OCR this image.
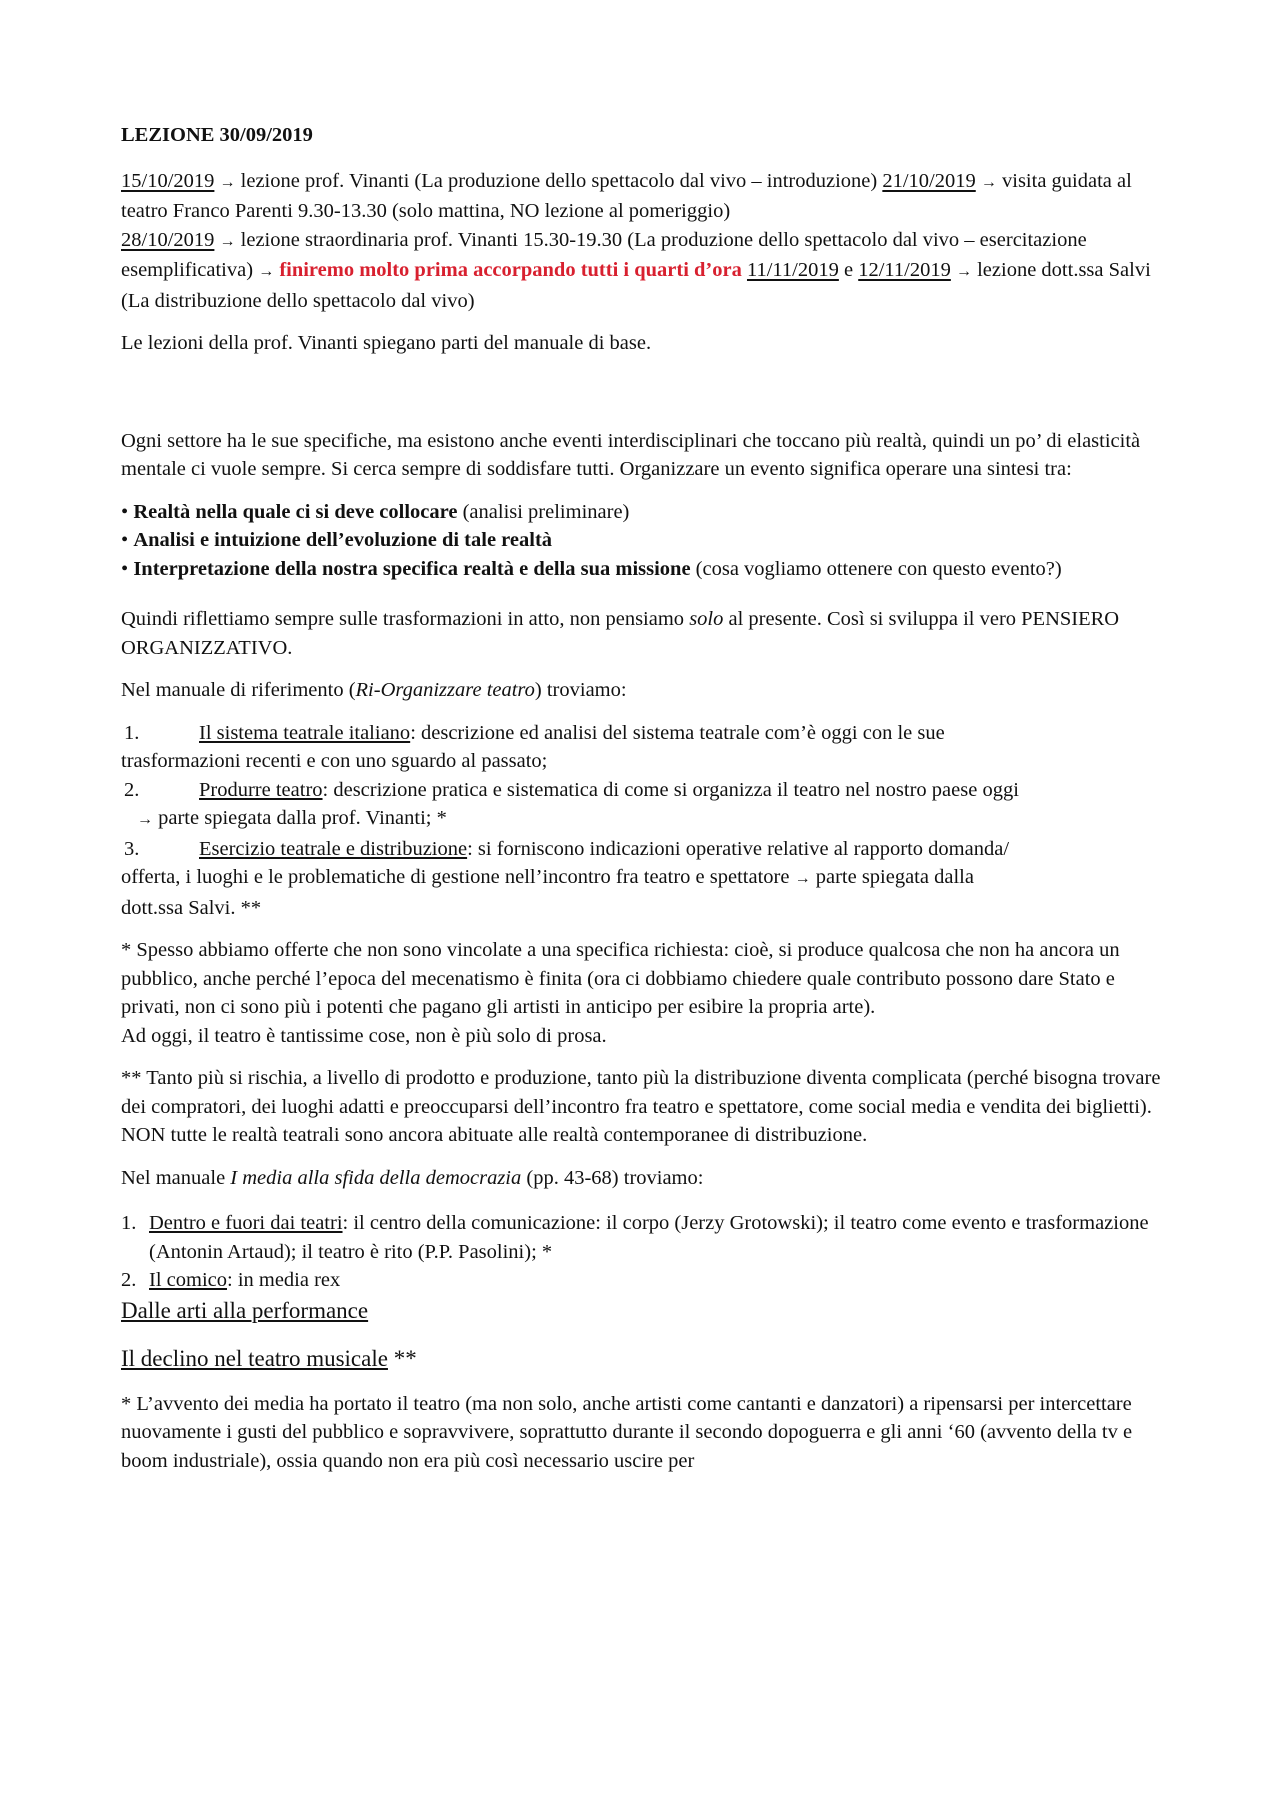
LEZIONE 30/09/2019

15/10/2019 → lezione prof. Vinanti (La produzione dello spettacolo dal vivo – introduzione) 21/10/2019 → visita guidata al teatro Franco Parenti 9.30-13.30 (solo mattina, NO lezione al pomeriggio)
28/10/2019 → lezione straordinaria prof. Vinanti 15.30-19.30 (La produzione dello spettacolo dal vivo – esercitazione esemplificativa) → finiremo molto prima accorpando tutti i quarti d’ora 11/11/2019 e 12/11/2019 → lezione dott.ssa Salvi (La distribuzione dello spettacolo dal vivo)

Le lezioni della prof. Vinanti spiegano parti del manuale di base.

Ogni settore ha le sue specifiche, ma esistono anche eventi interdisciplinari che toccano più realtà, quindi un po’ di elasticità mentale ci vuole sempre. Si cerca sempre di soddisfare tutti. Organizzare un evento significa operare una sintesi tra:

• Realtà nella quale ci si deve collocare (analisi preliminare)
• Analisi e intuizione dell’evoluzione di tale realtà
• Interpretazione della nostra specifica realtà e della sua missione (cosa vogliamo ottenere con questo evento?)

Quindi riflettiamo sempre sulle trasformazioni in atto, non pensiamo solo al presente. Così si sviluppa il vero PENSIERO ORGANIZZATIVO.

Nel manuale di riferimento (Ri-Organizzare teatro) troviamo:

1.	Il sistema teatrale italiano: descrizione ed analisi del sistema teatrale com’è oggi con le sue
trasformazioni recenti e con uno sguardo al passato;
2.	Produrre teatro: descrizione pratica e sistematica di come si organizza il teatro nel nostro paese oggi
→ parte spiegata dalla prof. Vinanti; *
3.	Esercizio teatrale e distribuzione: si forniscono indicazioni operative relative al rapporto domanda/
offerta, i luoghi e le problematiche di gestione nell’incontro fra teatro e spettatore → parte spiegata dalla
dott.ssa Salvi. **

* Spesso abbiamo offerte che non sono vincolate a una specifica richiesta: cioè, si produce qualcosa che non ha ancora un pubblico, anche perché l’epoca del mecenatismo è finita (ora ci dobbiamo chiedere quale contributo possono dare Stato e privati, non ci sono più i potenti che pagano gli artisti in anticipo per esibire la propria arte).

Ad oggi, il teatro è tantissime cose, non è più solo di prosa.

** Tanto più si rischia, a livello di prodotto e produzione, tanto più la distribuzione diventa complicata (perché bisogna trovare dei compratori, dei luoghi adatti e preoccuparsi dell’incontro fra teatro e spettatore, come social media e vendita dei biglietti). NON tutte le realtà teatrali sono ancora abituate alle realtà contemporanee di distribuzione.

Nel manuale I media alla sfida della democrazia (pp. 43-68) troviamo:

1. Dentro e fuori dai teatri: il centro della comunicazione: il corpo (Jerzy Grotowski); il teatro come evento e trasformazione (Antonin Artaud); il teatro è rito (P.P. Pasolini); *
2. Il comico: in media rex
Dalle arti alla performance
Il declino nel teatro musicale **

* L’avvento dei media ha portato il teatro (ma non solo, anche artisti come cantanti e danzatori) a ripensarsi per intercettare nuovamente i gusti del pubblico e sopravvivere, soprattutto durante il secondo dopoguerra e gli anni ‘60 (avvento della tv e boom industriale), ossia quando non era più così necessario uscire per
